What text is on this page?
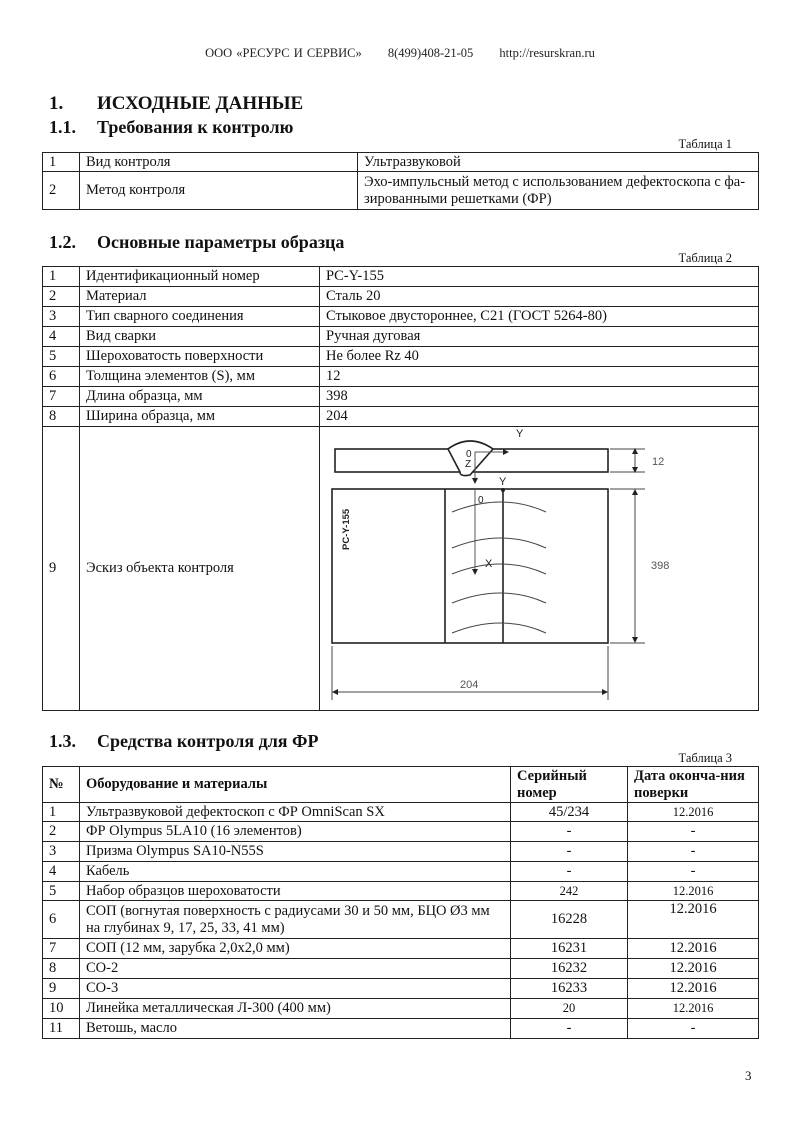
ООО «РЕСУРС И СЕРВИС» 8(499)408-21-05 http://resurskran.ru
1. ИСХОДНЫЕ ДАННЫЕ
1.1. Требования к контролю
Таблица 1
1	Вид контроля	Ультразвуковой
2	Метод контроля	Эхо-импульсный метод с использованием дефектоскопа с фа-зированными решетками (ФР)
1.2. Основные параметры образца
Таблица 2
1	Идентификационный номер	PC-Y-155
2	Материал	Сталь 20
3	Тип сварного соединения	Стыковое двустороннее, С21 (ГОСТ 5264-80)
4	Вид сварки	Ручная дуговая
5	Шероховатость поверхности	Не более Rz 40
6	Толщина элементов (S), мм	12
7	Длина образца, мм	398
8	Ширина образца, мм	204
9	Эскиз объекта контроля	
Y
0
Z
Y
0
X
12
398
204
PC-Y-155
1.3. Средства контроля для ФР
Таблица 3
№	Оборудование и материалы	Серийный номер	Дата оконча-ния поверки
1	Ультразвуковой дефектоскоп с ФР OmniScan SX	45/234	12.2016
2	ФР Olympus 5LA10 (16 элементов)	-	-
3	Призма Olympus SA10-N55S	-	-
4	Кабель	-	-
5	Набор образцов шероховатости	242	12.2016
6	СОП (вогнутая поверхность с радиусами 30 и 50 мм, БЦО Ø3 мм на глубинах 9, 17, 25, 33, 41 мм)	16228	12.2016
7	СОП (12 мм, зарубка 2,0х2,0 мм)	16231	12.2016
8	СО-2	16232	12.2016
9	СО-3	16233	12.2016
10	Линейка металлическая Л-300 (400 мм)	20	12.2016
11	Ветошь, масло	-	-
3
